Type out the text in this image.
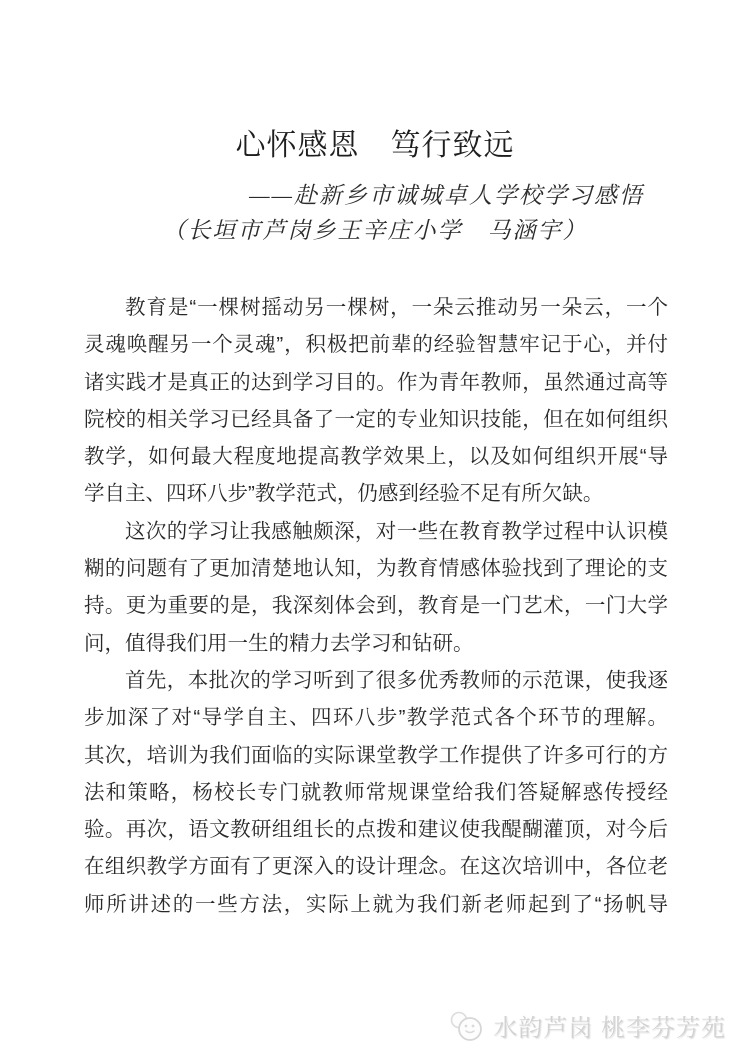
心怀感恩　笃行致远
——赴新乡市诚城卓人学校学习感悟
（长垣市芦岗乡王辛庄小学　马涵宇）
教育是“一棵树摇动另一棵树，一朵云推动另一朵云，一个
灵魂唤醒另一个灵魂”，积极把前辈的经验智慧牢记于心，并付
诸实践才是真正的达到学习目的。作为青年教师，虽然通过高等
院校的相关学习已经具备了一定的专业知识技能，但在如何组织
教学，如何最大程度地提高教学效果上，以及如何组织开展“导
学自主、四环八步”教学范式，仍感到经验不足有所欠缺。
这次的学习让我感触颇深，对一些在教育教学过程中认识模
糊的问题有了更加清楚地认知，为教育情感体验找到了理论的支
持。更为重要的是，我深刻体会到，教育是一门艺术，一门大学
问，值得我们用一生的精力去学习和钻研。
首先，本批次的学习听到了很多优秀教师的示范课，使我逐
步加深了对“导学自主、四环八步”教学范式各个环节的理解。
其次，培训为我们面临的实际课堂教学工作提供了许多可行的方
法和策略，杨校长专门就教师常规课堂给我们答疑解惑传授经
验。再次，语文教研组组长的点拨和建议使我醍醐灌顶，对今后
在组织教学方面有了更深入的设计理念。在这次培训中，各位老
师所讲述的一些方法，实际上就为我们新老师起到了“扬帆导
水韵芦岗 桃李芬芳苑
